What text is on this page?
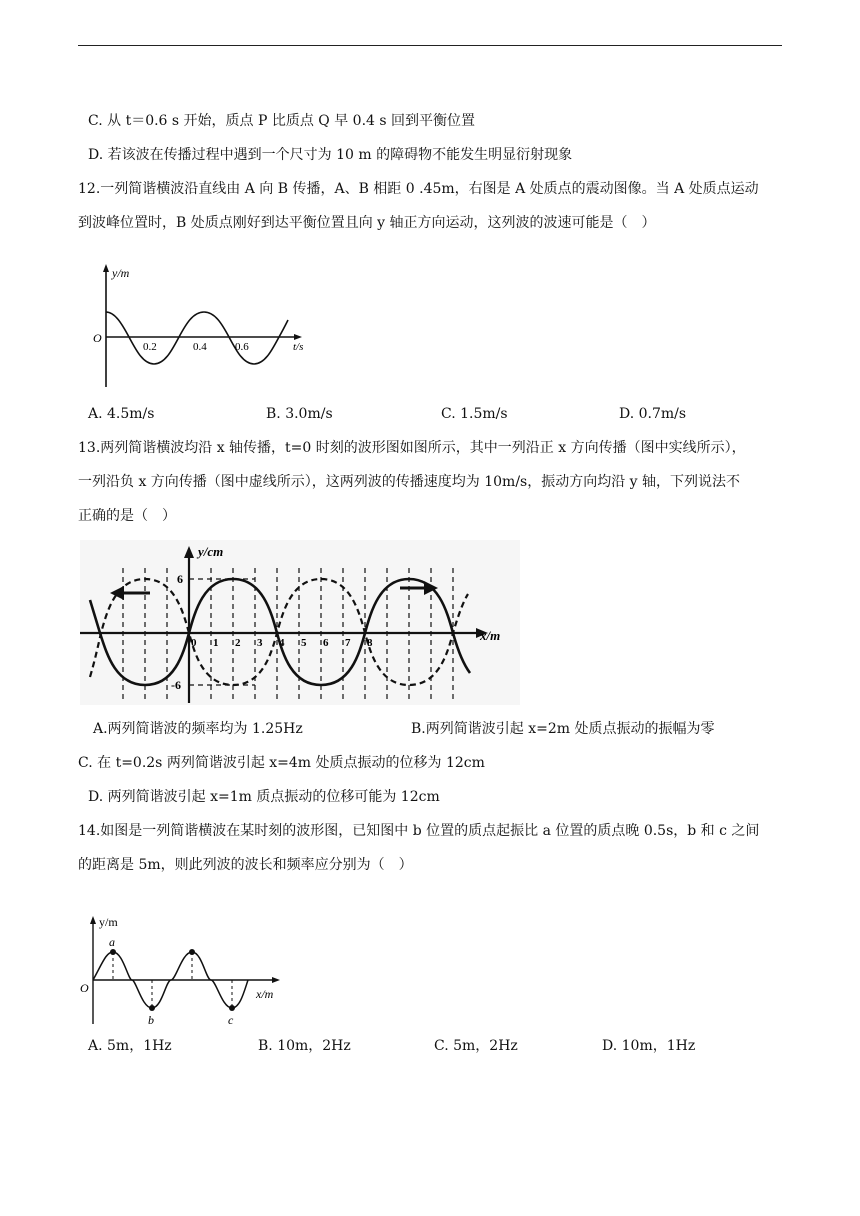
C. 从 t＝0.6 s 开始，质点 P 比质点 Q 早 0.4 s 回到平衡位置
D. 若该波在传播过程中遇到一个尺寸为 10 m 的障碍物不能发生明显衍射现象
12.一列简谐横波沿直线由 A 向 B 传播，A、B 相距 0 .45m，右图是 A 处质点的震动图像。当 A 处质点运动
到波峰位置时，B 处质点刚好到达平衡位置且向 y 轴正方向运动，这列波的波速可能是（　）
y/m
O
0.2	0.4	0.6	t/s
A. 4.5m/s	B. 3.0m/s	C. 1.5m/s	D. 0.7m/s
13.两列简谐横波均沿 x 轴传播，t=0 时刻的波形图如图所示，其中一列沿正 x 方向传播（图中实线所示），
一列沿负 x 方向传播（图中虚线所示），这两列波的传播速度均为 10m/s，振动方向均沿 y 轴，下列说法不
正确的是（　）
y/cm
6
-6
0 1 2 3 4 5 6 7 8	x/m
A.两列简谐波的频率均为 1.25Hz	B.两列简谐波引起 x=2m 处质点振动的振幅为零
C. 在 t=0.2s 两列简谐波引起 x=4m 处质点振动的位移为 12cm
D. 两列简谐波引起 x=1m 质点振动的位移可能为 12cm
14.如图是一列简谐横波在某时刻的波形图，已知图中 b 位置的质点起振比 a 位置的质点晚 0.5s，b 和 c 之间
的距离是 5m，则此列波的波长和频率应分别为（　）
y/m
O
a
b	c
x/m
A. 5m，1Hz	B. 10m，2Hz	C. 5m，2Hz	D. 10m，1Hz
